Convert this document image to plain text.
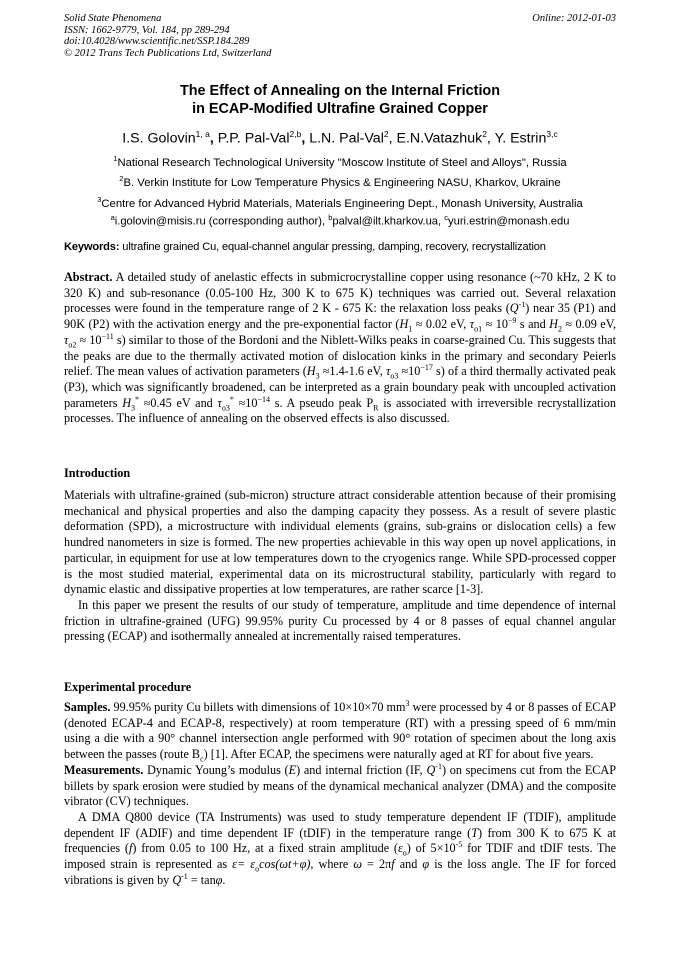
Solid State Phenomena
ISSN: 1662-9779, Vol. 184, pp 289-294
doi:10.4028/www.scientific.net/SSP.184.289
© 2012 Trans Tech Publications Ltd, Switzerland
Online: 2012-01-03
The Effect of Annealing on the Internal Friction
in ECAP-Modified Ultrafine Grained Copper
I.S. Golovin$^{1, a}$, P.P. Pal-Val$^{2,b}$, L.N. Pal-Val$^2$, E.N.Vatazhuk$^2$, Y. Estrin$^{3,c}$
$^1$National Research Technological University "Moscow Institute of Steel and Alloys", Russia
$^2$B. Verkin Institute for Low Temperature Physics & Engineering NASU, Kharkov, Ukraine
$^3$Centre for Advanced Hybrid Materials, Materials Engineering Dept., Monash University, Australia
$^a$i.golovin@misis.ru (corresponding author), $^b$palval@ilt.kharkov.ua, $^c$yuri.estrin@monash.edu
Keywords: ultrafine grained Cu, equal-channel angular pressing, damping, recovery, recrystallization

Abstract. A detailed study of anelastic effects in submicrocrystalline copper using resonance (~70 kHz, 2 K to 320 K) and sub-resonance (0.05-100 Hz, 300 K to 675 K) techniques was carried out. Several relaxation processes were found in the temperature range of 2 K - 675 K: the relaxation loss peaks $(Q^{-1})$ near 35 (P1) and 90K (P2) with the activation energy and the pre-exponential factor ($H_1 \approx 0.02$ eV, $\tau_{o1} \approx 10^{-9}$ s and $H_2 \approx 0.09$ eV, $\tau_{o2} \approx 10^{-11}$ s) similar to those of the Bordoni and the Niblett-Wilks peaks in coarse-grained Cu. This suggests that the peaks are due to the thermally activated motion of dislocation kinks in the primary and secondary Peierls relief. The mean values of activation parameters ($H_3 \approx 1.4-1.6$ eV, $\tau_{o3} \approx 10^{-17}$ s) of a third thermally activated peak (P3), which was significantly broadened, can be interpreted as a grain boundary peak with uncoupled activation parameters $H_3^* \approx 0.45$ eV and $\tau_{o3}^* \approx 10^{-14}$ s. A pseudo peak $P_R$ is associated with irreversible recrystallization processes. The influence of annealing on the observed effects is also discussed.

Introduction

Materials with ultrafine-grained (sub-micron) structure attract considerable attention because of their promising mechanical and physical properties and also the damping capacity they possess. As a result of severe plastic deformation (SPD), a microstructure with individual elements (grains, sub-grains or dislocation cells) a few hundred nanometers in size is formed. The new properties achievable in this way open up novel applications, in particular, in equipment for use at low temperatures down to the cryogenics range. While SPD-processed copper is the most studied material, experimental data on its microstructural stability, particularly with regard to dynamic elastic and dissipative properties at low temperatures, are rather scarce [1-3].

In this paper we present the results of our study of temperature, amplitude and time dependence of internal friction in ultrafine-grained (UFG) 99.95% purity Cu processed by 4 or 8 passes of equal channel angular pressing (ECAP) and isothermally annealed at incrementally raised temperatures.

Experimental procedure

Samples. 99.95% purity Cu billets with dimensions of 10×10×70 $mm^3$ were processed by 4 or 8 passes of ECAP (denoted ECAP-4 and ECAP-8, respectively) at room temperature (RT) with a pressing speed of 6 mm/min using a die with a 90° channel intersection angle performed with 90° rotation of specimen about the long axis between the passes (route $B_c$) [1]. After ECAP, the specimens were naturally aged at RT for about five years.

Measurements. Dynamic Young’s modulus (E) and internal friction (IF, $Q^{-1}$) on specimens cut from the ECAP billets by spark erosion were studied by means of the dynamical mechanical analyzer (DMA) and the composite vibrator (CV) techniques.

A DMA Q800 device (TA Instruments) was used to study temperature dependent IF (TDIF), amplitude dependent IF (ADIF) and time dependent IF (tDIF) in the temperature range (T) from 300 K to 675 K at frequencies (f) from 0.05 to 100 Hz, at a fixed strain amplitude $(\varepsilon_o)$ of $5\times 10^{-5}$ for TDIF and tDIF tests. The imposed strain is represented as $\varepsilon= \varepsilon_o\cos(\omega t+\varphi)$, where ω = 2πf and φ is the loss angle. The IF for forced vibrations is given by $Q^{-1} = \tan\varphi$.
